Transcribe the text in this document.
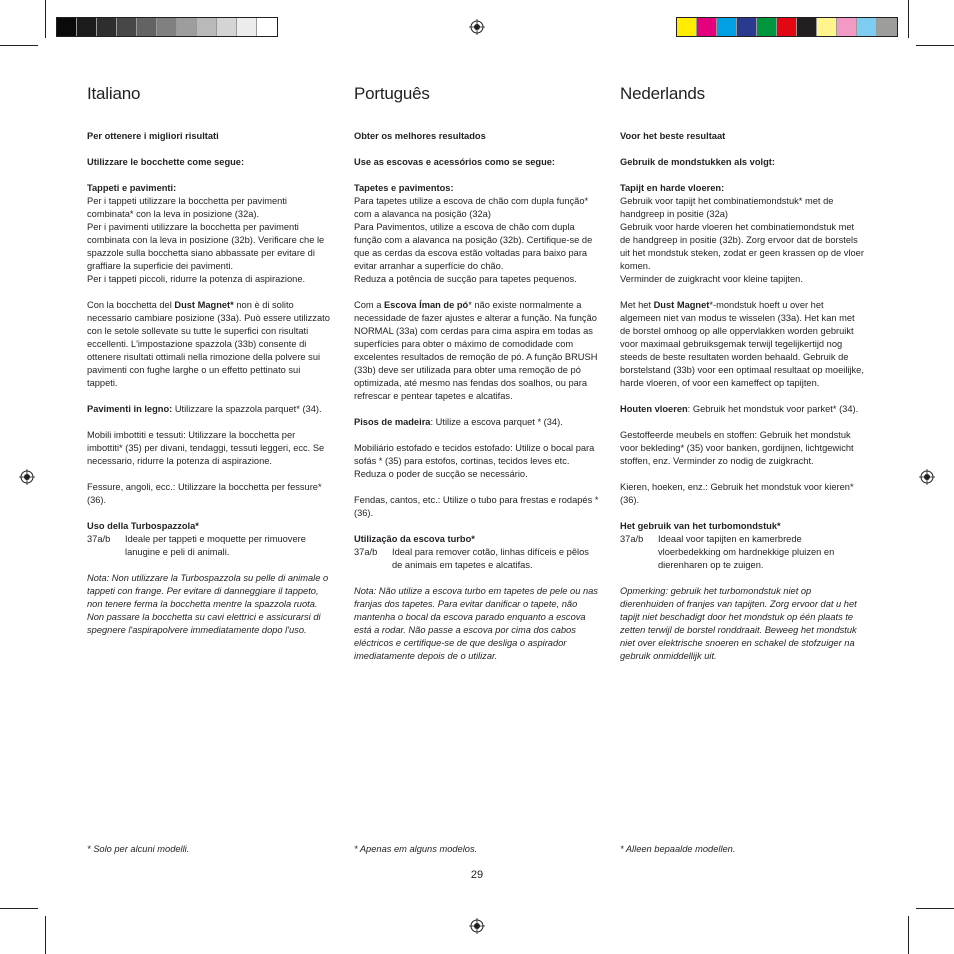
Italiano

Per ottenere i migliori risultati

Utilizzare le bocchette come segue:

Tappeti e pavimenti:
Per i tappeti utilizzare la bocchetta per pavimenti combinata* con la leva in posizione (32a).
Per i pavimenti utilizzare la bocchetta per pavimenti combinata con la leva in posizione (32b). Verificare che le spazzole sulla bocchetta siano abbassate per evitare di graffiare la superficie dei pavimenti.
Per i tappeti piccoli, ridurre la potenza di aspirazione.

Con la bocchetta del Dust Magnet* non è di solito necessario cambiare posizione (33a). Può essere utilizzato con le setole sollevate su tutte le superfici con risultati eccellenti. L'impostazione spazzola (33b) consente di ottenere risultati ottimali nella rimozione della polvere sui pavimenti con fughe larghe o un effetto pettinato sui tappeti.

Pavimenti in legno: Utilizzare la spazzola parquet* (34).

Mobili imbottiti e tessuti: Utilizzare la bocchetta per imbottiti* (35) per divani, tendaggi, tessuti leggeri, ecc. Se necessario, ridurre la potenza di aspirazione.

Fessure, angoli, ecc.: Utilizzare la bocchetta per fessure* (36).

Uso della Turbospazzola*
37a/b	Ideale per tappeti e moquette per rimuovere lanugine e peli di animali.

Nota: Non utilizzare la Turbospazzola su pelle di animale o tappeti con frange. Per evitare di danneggiare il tappeto, non tenere ferma la bocchetta mentre la spazzola ruota. Non passare la bocchetta su cavi elettrici e assicurarsi di spegnere l'aspirapolvere immediatamente dopo l'uso.

Português

Obter os melhores resultados

Use as escovas e acessórios como se segue:

Tapetes e pavimentos:
Para tapetes utilize a escova de chão com dupla função* com a alavanca na posição (32a)
Para Pavimentos, utilize a escova de chão com dupla função com a alavanca na posição (32b). Certifique-se de que as cerdas da escova estão voltadas para baixo para evitar arranhar a superfície do chão.
Reduza a potência de sucção para tapetes pequenos.

Com a Escova Íman de pó* não existe normalmente a necessidade de fazer ajustes e alterar a função. Na função NORMAL (33a) com cerdas para cima aspira em todas as superfícies para obter o máximo de comodidade com excelentes resultados de remoção de pó. A função BRUSH (33b) deve ser utilizada para obter uma remoção de pó optimizada, até mesmo nas fendas dos soalhos, ou para refrescar e pentear tapetes e alcatifas.

Pisos de madeira: Utilize a escova parquet * (34).

Mobiliário estofado e tecidos estofado: Utilize o bocal para sofás * (35) para estofos, cortinas, tecidos leves etc. Reduza o poder de sucção se necessário.

Fendas, cantos, etc.: Utilize o tubo para frestas e rodapés * (36).

Utilização da escova turbo*
37a/b	Ideal para remover cotão, linhas difíceis e pêlos de animais em tapetes e alcatifas.

Nota: Não utilize a escova turbo em tapetes de pele ou nas franjas dos tapetes. Para evitar danificar o tapete, não mantenha o bocal da escova parado enquanto a escova está a rodar. Não passe a escova por cima dos cabos eléctricos e certifique-se de que desliga o aspirador imediatamente depois de o utilizar.

Nederlands

Voor het beste resultaat

Gebruik de mondstukken als volgt:

Tapijt en harde vloeren:
Gebruik voor tapijt het combinatiemondstuk* met de handgreep in positie (32a)
Gebruik voor harde vloeren het combinatiemondstuk met de handgreep in positie (32b). Zorg ervoor dat de borstels uit het mondstuk steken, zodat er geen krassen op de vloer komen.
Verminder de zuigkracht voor kleine tapijten.

Met het Dust Magnet*-mondstuk hoeft u over het algemeen niet van modus te wisselen (33a). Het kan met de borstel omhoog op alle oppervlakken worden gebruikt voor maximaal gebruiksgemak terwijl tegelijkertijd nog steeds de beste resultaten worden behaald. Gebruik de borstelstand (33b) voor een optimaal resultaat op moeilijke, harde vloeren, of voor een kameffect op tapijten.

Houten vloeren: Gebruik het mondstuk voor parket* (34).

Gestoffeerde meubels en stoffen: Gebruik het mondstuk voor bekleding* (35) voor banken, gordijnen, lichtgewicht stoffen, enz. Verminder zo nodig de zuigkracht.

Kieren, hoeken, enz.: Gebruik het mondstuk voor kieren* (36).

Het gebruik van het turbomondstuk*
37a/b	Ideaal voor tapijten en kamerbrede vloerbedekking om hardnekkige pluizen en dierenharen op te zuigen.

Opmerking: gebruik het turbomondstuk niet op dierenhuiden of franjes van tapijten. Zorg ervoor dat u het tapijt niet beschadigt door het mondstuk op één plaats te zetten terwijl de borstel ronddraait. Beweeg het mondstuk niet over elektrische snoeren en schakel de stofzuiger na gebruik onmiddellijk uit.

* Solo per alcuni modelli.	* Apenas em alguns modelos.	* Alleen bepaalde modellen.
29
